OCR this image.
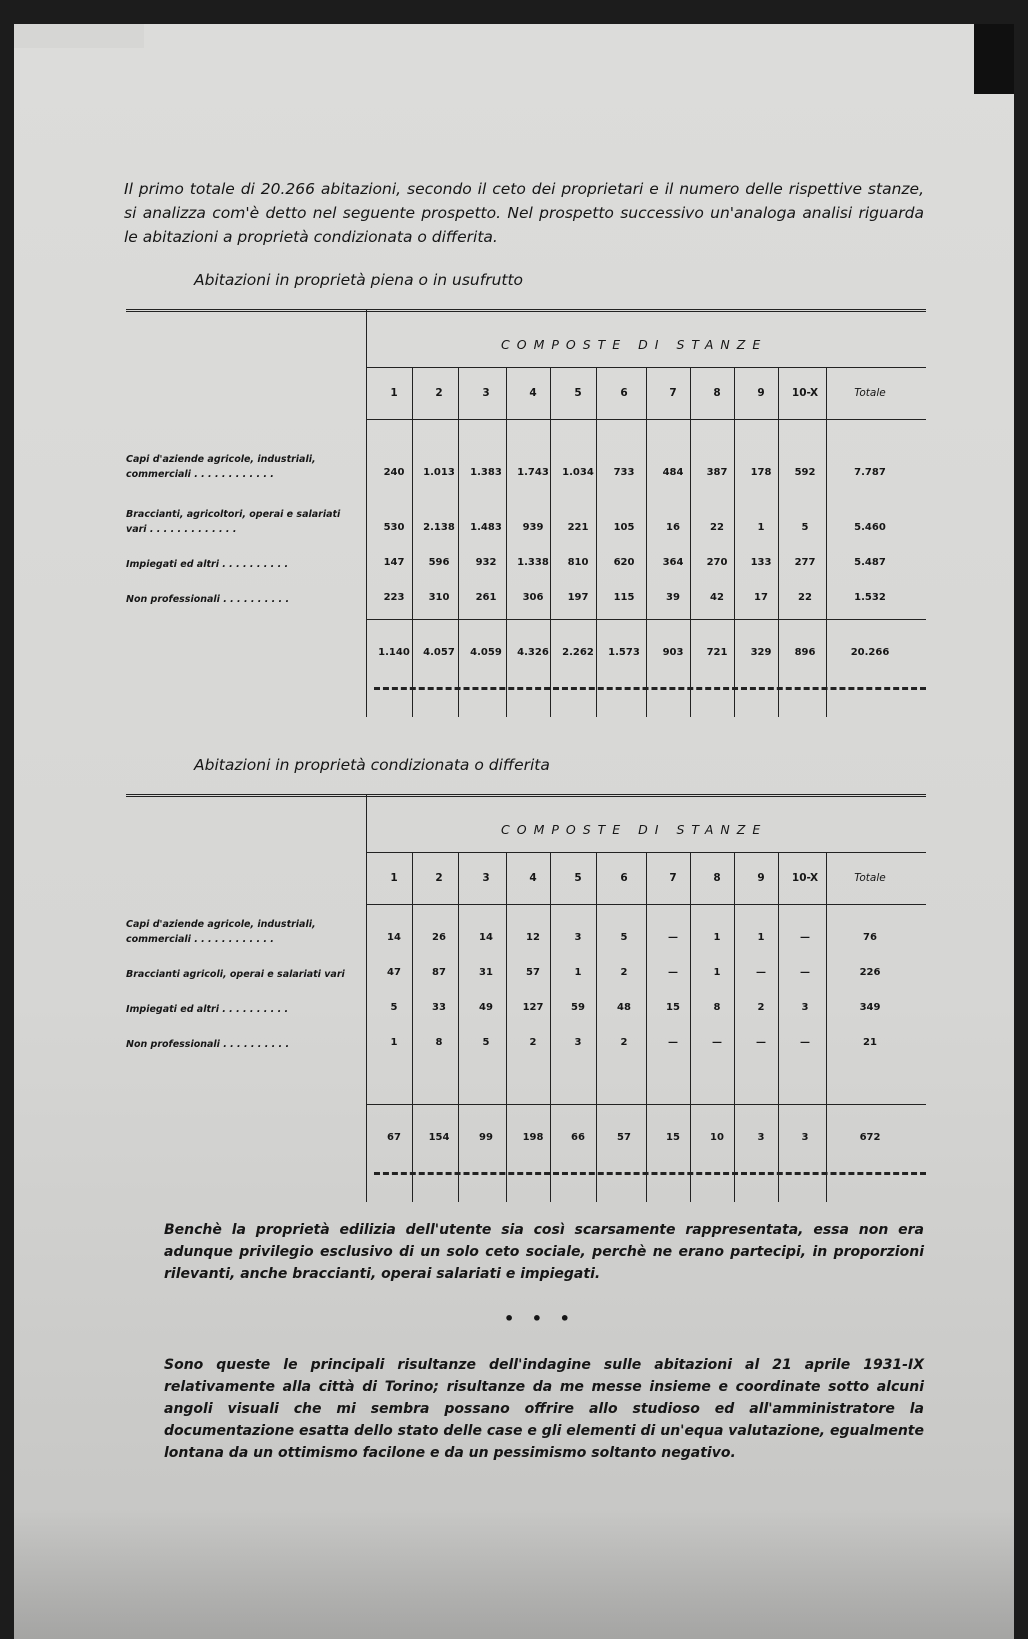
Il primo totale di 20.266 abitazioni, secondo il ceto dei proprietari e il numero delle rispettive stanze, si analizza com'è detto nel seguente prospetto. Nel prospetto successivo un'analoga analisi riguarda le abitazioni a proprietà condizionata o differita.

Abitazioni in proprietà piena o in usufrutto

COMPOSTE DI STANZE
1	2	3	4	5	6	7	8	9	10-X	Totale
Capi d'aziende agricole, industriali, commerciali . . . . . . . . . . . .	240	1.013	1.383	1.743	1.034	733	484	387	178	592	7.787
Braccianti, agricoltori, operai e salariati vari . . . . . . . . . . . . .	530	2.138	1.483	939	221	105	16	22	1	5	5.460
Impiegati ed altri . . . . . . . . . .	147	596	932	1.338	810	620	364	270	133	277	5.487
Non professionali . . . . . . . . . .	223	310	261	306	197	115	39	42	17	22	1.532
1.140	4.057	4.059	4.326	2.262	1.573	903	721	329	896	20.266

Abitazioni in proprietà condizionata o differita

COMPOSTE DI STANZE
1	2	3	4	5	6	7	8	9	10-X	Totale
Capi d'aziende agricole, industriali, commerciali . . . . . . . . . . . .	14	26	14	12	3	5	—	1	1	—	76
Braccianti agricoli, operai e salariati vari	47	87	31	57	1	2	—	1	—	—	226
Impiegati ed altri . . . . . . . . . .	5	33	49	127	59	48	15	8	2	3	349
Non professionali . . . . . . . . . .	1	8	5	2	3	2	—	—	—	—	21
67	154	99	198	66	57	15	10	3	3	672

Benchè la proprietà edilizia dell'utente sia così scarsamente rappresentata, essa non era adunque privilegio esclusivo di un solo ceto sociale, perchè ne erano partecipi, in proporzioni rilevanti, anche braccianti, operai salariati e impiegati.

• • •

Sono queste le principali risultanze dell'indagine sulle abitazioni al 21 aprile 1931-IX relativamente alla città di Torino; risultanze da me messe insieme e coordinate sotto alcuni angoli visuali che mi sembra possano offrire allo studioso ed all'amministratore la documentazione esatta dello stato delle case e gli elementi di un'equa valutazione, egualmente lontana da un ottimismo facilone e da un pessimismo soltanto negativo.
